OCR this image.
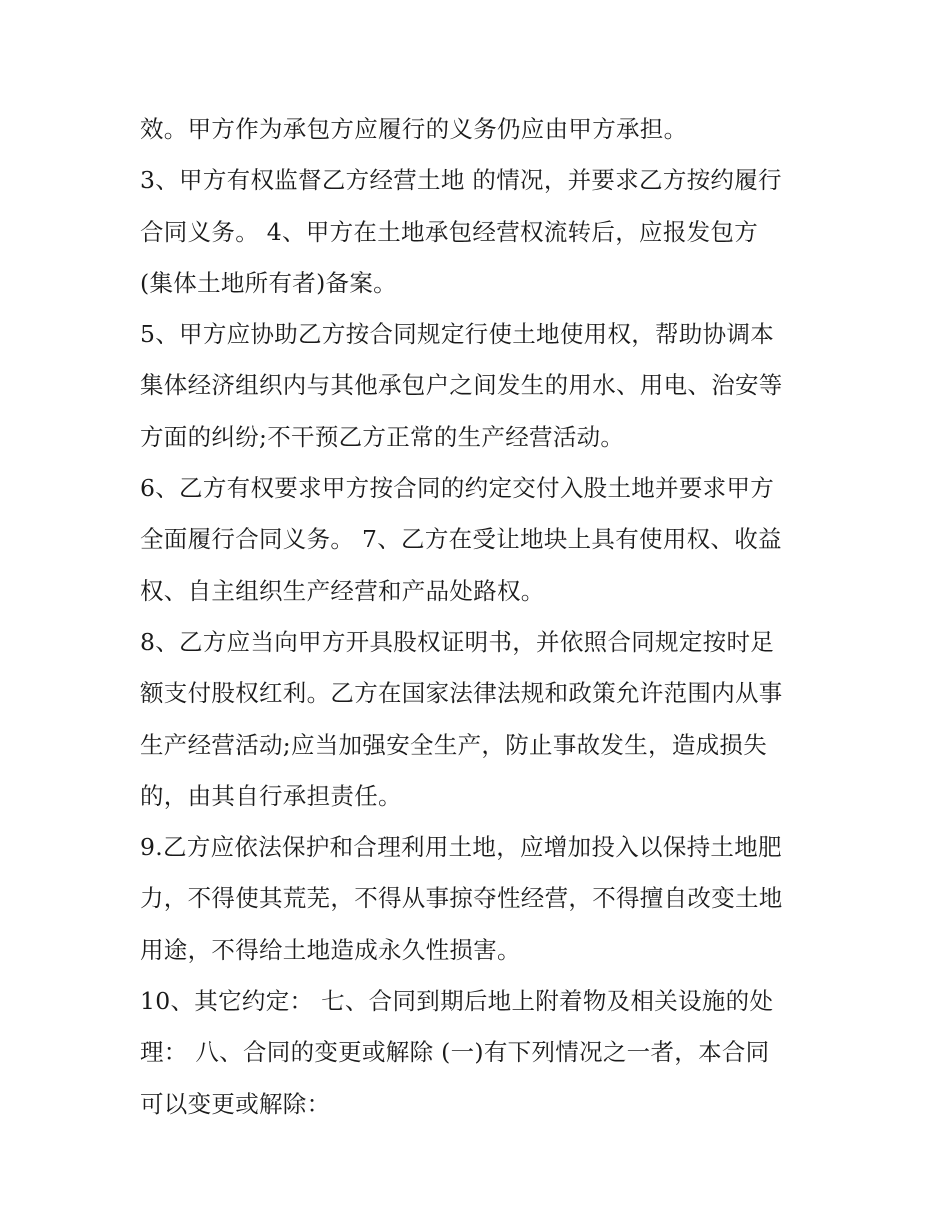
效。甲方作为承包方应履行的义务仍应由甲方承担。
3、甲方有权监督乙方经营土地 的情况，并要求乙方按约履行
合同义务。 4、甲方在土地承包经营权流转后，应报发包方
(集体土地所有者)备案。
5、甲方应协助乙方按合同规定行使土地使用权，帮助协调本
集体经济组织内与其他承包户之间发生的用水、用电、治安等
方面的纠纷;不干预乙方正常的生产经营活动。
6、乙方有权要求甲方按合同的约定交付入股土地并要求甲方
全面履行合同义务。 7、乙方在受让地块上具有使用权、收益
权、自主组织生产经营和产品处路权。
8、乙方应当向甲方开具股权证明书，并依照合同规定按时足
额支付股权红利。乙方在国家法律法规和政策允许范围内从事
生产经营活动;应当加强安全生产，防止事故发生，造成损失
的，由其自行承担责任。
9.乙方应依法保护和合理利用土地，应增加投入以保持土地肥
力，不得使其荒芜，不得从事掠夺性经营，不得擅自改变土地
用途，不得给土地造成永久性损害。
10、其它约定： 七、合同到期后地上附着物及相关设施的处
理： 八、合同的变更或解除 (一)有下列情况之一者，本合同
可以变更或解除：
